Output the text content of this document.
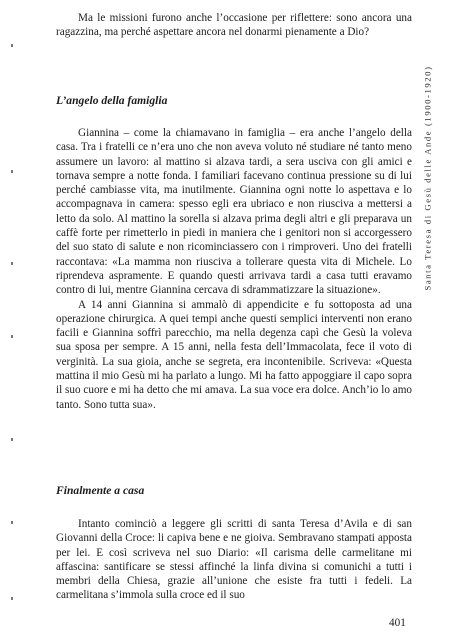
Santa Teresa di Gesù delle Ande (1900-1920)

Ma le missioni furono anche l’occasione per riflettere: sono ancora una ragazzina, ma perché aspettare ancora nel donarmi pienamente a Dio?

L’angelo della famiglia

Giannina – come la chiamavano in famiglia – era anche l’angelo della casa. Tra i fratelli ce n’era uno che non aveva voluto né studiare né tanto meno assumere un lavoro: al mattino si alzava tardi, a sera usciva con gli amici e tornava sempre a notte fonda. I familiari facevano continua pressione su di lui perché cambiasse vita, ma inutilmente. Giannina ogni notte lo aspettava e lo accompagnava in camera: spesso egli era ubriaco e non riusciva a mettersi a letto da solo. Al mattino la sorella si alzava prima degli altri e gli preparava un caffè forte per rimetterlo in piedi in maniera che i genitori non si accorgessero del suo stato di salute e non ricominciassero con i rimproveri. Uno dei fratelli raccontava: «La mamma non riusciva a tollerare questa vita di Michele. Lo riprendeva aspramente. E quando questi arrivava tardi a casa tutti eravamo contro di lui, mentre Giannina cercava di sdrammatizzare la situazione».

A 14 anni Giannina si ammalò di appendicite e fu sottoposta ad una operazione chirurgica. A quei tempi anche questi semplici interventi non erano facili e Giannina soffrì parecchio, ma nella degenza capì che Gesù la voleva sua sposa per sempre. A 15 anni, nella festa dell’Immacolata, fece il voto di verginità. La sua gioia, anche se segreta, era incontenibile. Scriveva: «Questa mattina il mio Gesù mi ha parlato a lungo. Mi ha fatto appoggiare il capo sopra il suo cuore e mi ha detto che mi amava. La sua voce era dolce. Anch’io lo amo tanto. Sono tutta sua».

Finalmente a casa

Intanto cominciò a leggere gli scritti di santa Teresa d’Avila e di san Giovanni della Croce: li capiva bene e ne gioiva. Sembravano stampati apposta per lei. E così scriveva nel suo Diario: «Il carisma delle carmelitane mi affascina: santificare se stessi affinché la linfa divina si comunichi a tutti i membri della Chiesa, grazie all’unione che esiste fra tutti i fedeli. La carmelitana s’immola sulla croce ed il suo

401
